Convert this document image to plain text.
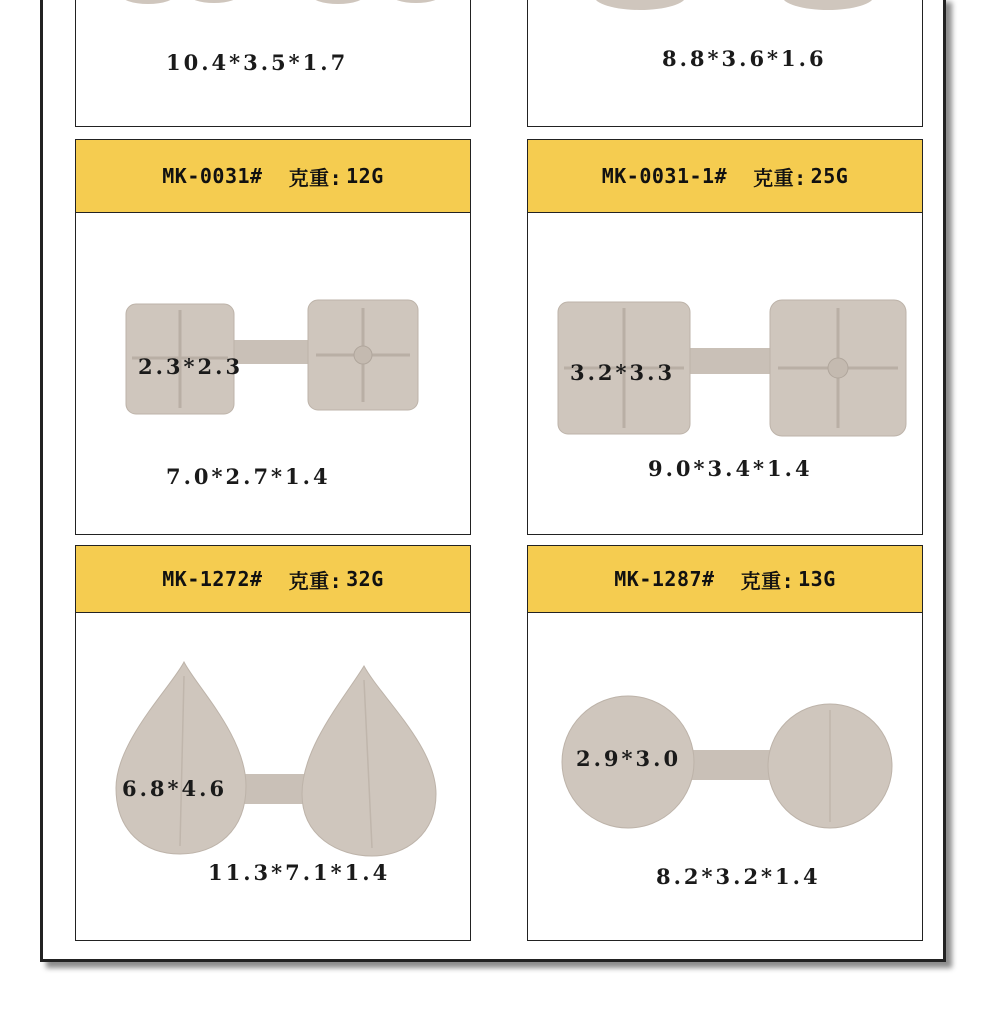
10.4*3.5*1.7	8.8*3.6*1.6
MK-0031# 克重: 12G
2.3*2.3
7.0*2.7*1.4
MK-0031-1# 克重: 25G
3.2*3.3
9.0*3.4*1.4
MK-1272# 克重: 32G
6.8*4.6
11.3*7.1*1.4
MK-1287# 克重: 13G
2.9*3.0
8.2*3.2*1.4
